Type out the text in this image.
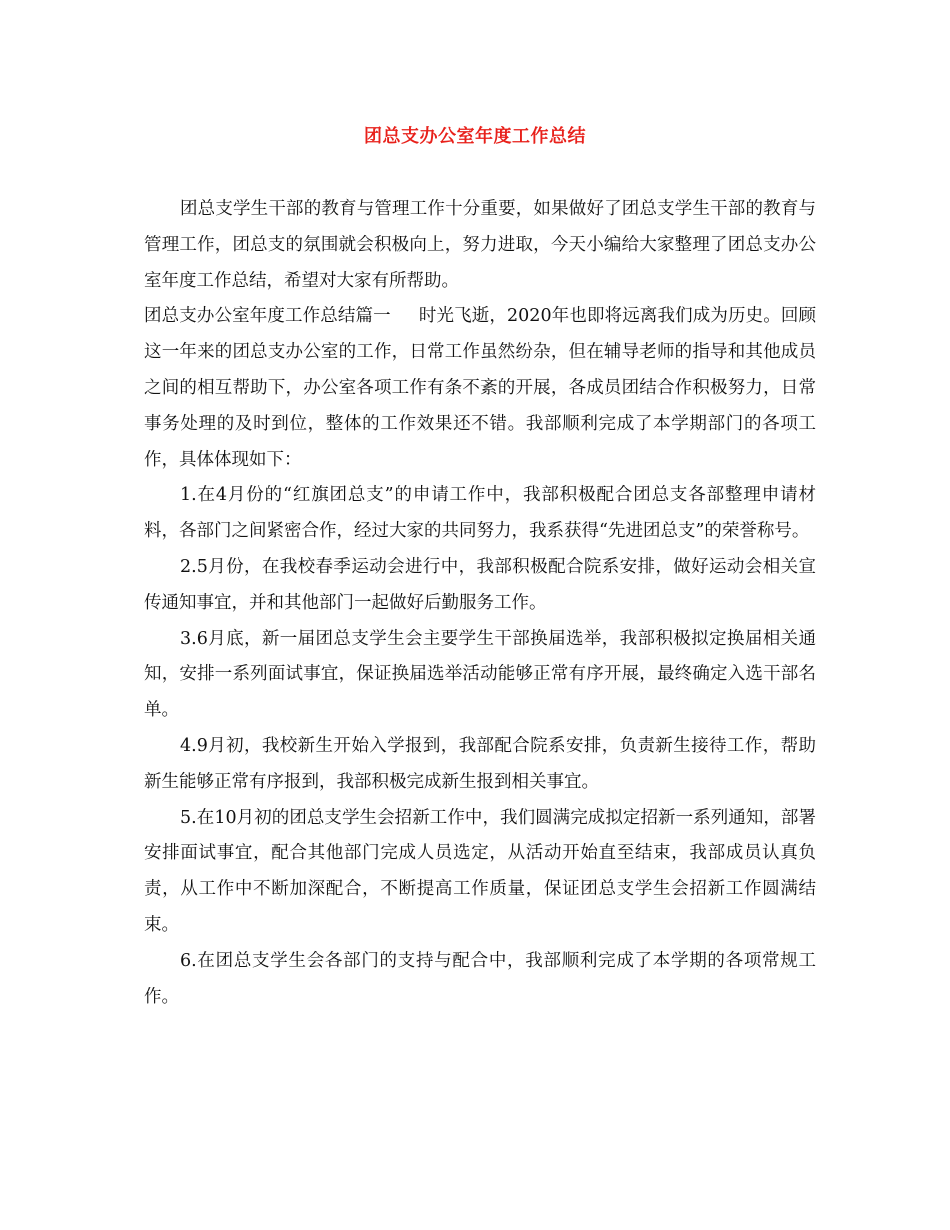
团总支办公室年度工作总结

团总支学生干部的教育与管理工作十分重要，如果做好了团总支学生干部的教育与管理工作，团总支的氛围就会积极向上，努力进取，今天小编给大家整理了团总支办公室年度工作总结，希望对大家有所帮助。

团总支办公室年度工作总结篇一 时光飞逝，2020年也即将远离我们成为历史。回顾这一年来的团总支办公室的工作，日常工作虽然纷杂，但在辅导老师的指导和其他成员之间的相互帮助下，办公室各项工作有条不紊的开展，各成员团结合作积极努力，日常事务处理的及时到位，整体的工作效果还不错。我部顺利完成了本学期部门的各项工作，具体体现如下：

1.在4月份的“红旗团总支”的申请工作中，我部积极配合团总支各部整理申请材料，各部门之间紧密合作，经过大家的共同努力，我系获得“先进团总支”的荣誉称号。

2.5月份，在我校春季运动会进行中，我部积极配合院系安排，做好运动会相关宣传通知事宜，并和其他部门一起做好后勤服务工作。

3.6月底，新一届团总支学生会主要学生干部换届选举，我部积极拟定换届相关通知，安排一系列面试事宜，保证换届选举活动能够正常有序开展，最终确定入选干部名单。

4.9月初，我校新生开始入学报到，我部配合院系安排，负责新生接待工作，帮助新生能够正常有序报到，我部积极完成新生报到相关事宜。

5.在10月初的团总支学生会招新工作中，我们圆满完成拟定招新一系列通知，部署安排面试事宜，配合其他部门完成人员选定，从活动开始直至结束，我部成员认真负责，从工作中不断加深配合，不断提高工作质量，保证团总支学生会招新工作圆满结束。

6.在团总支学生会各部门的支持与配合中，我部顺利完成了本学期的各项常规工作。
